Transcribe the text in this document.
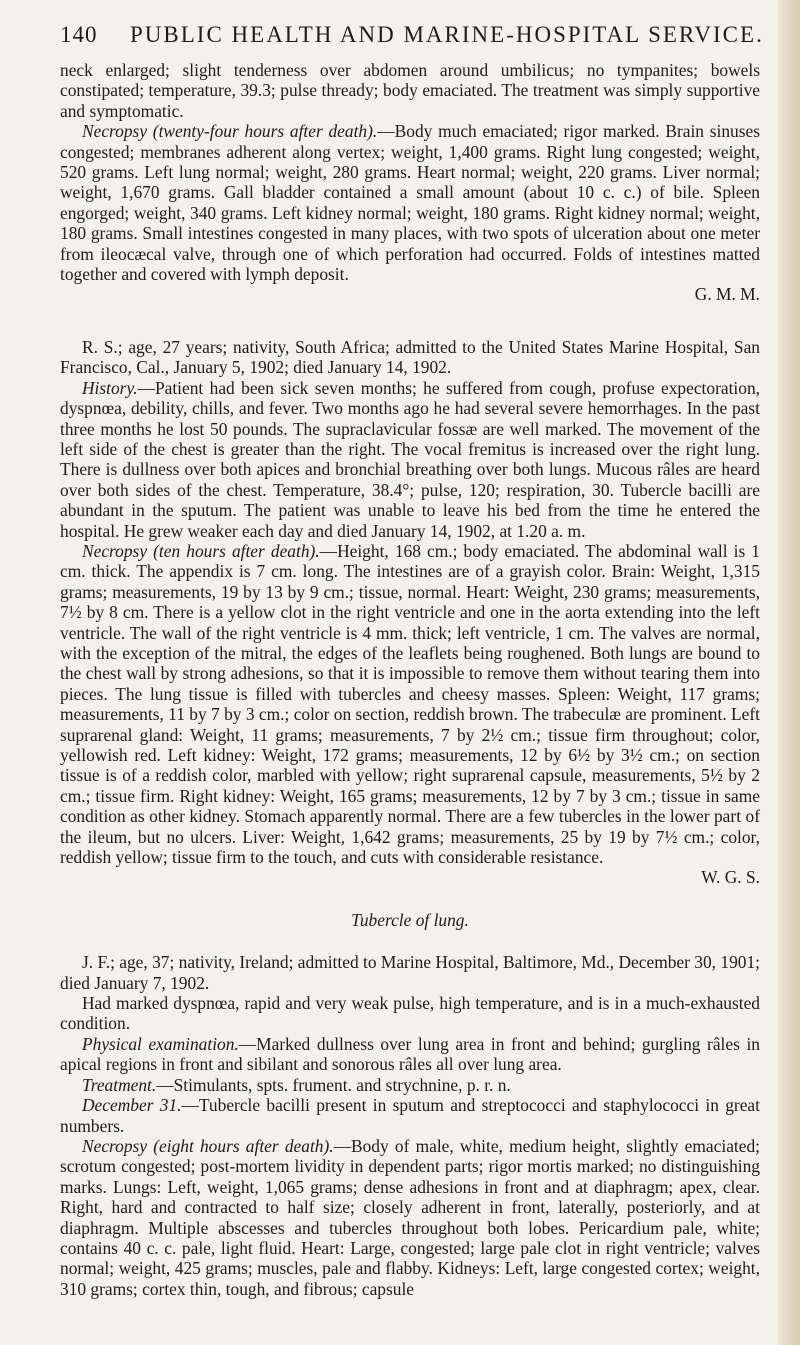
140 PUBLIC HEALTH AND MARINE-HOSPITAL SERVICE.

neck enlarged; slight tenderness over abdomen around umbilicus; no tympanites; bowels constipated; temperature, 39.3; pulse thready; body emaciated. The treatment was simply supportive and symptomatic.

Necropsy (twenty-four hours after death).—Body much emaciated; rigor marked. Brain sinuses congested; membranes adherent along vertex; weight, 1,400 grams. Right lung congested; weight, 520 grams. Left lung normal; weight, 280 grams. Heart normal; weight, 220 grams. Liver normal; weight, 1,670 grams. Gall bladder contained a small amount (about 10 c. c.) of bile. Spleen engorged; weight, 340 grams. Left kidney normal; weight, 180 grams. Right kidney normal; weight, 180 grams. Small intestines congested in many places, with two spots of ulceration about one meter from ileocæcal valve, through one of which perforation had occurred. Folds of intestines matted together and covered with lymph deposit.

G. M. M.

R. S.; age, 27 years; nativity, South Africa; admitted to the United States Marine Hospital, San Francisco, Cal., January 5, 1902; died January 14, 1902.

History.—Patient had been sick seven months; he suffered from cough, profuse expectoration, dyspnœa, debility, chills, and fever. Two months ago he had several severe hemorrhages. In the past three months he lost 50 pounds. The supraclavicular fossæ are well marked. The movement of the left side of the chest is greater than the right. The vocal fremitus is increased over the right lung. There is dullness over both apices and bronchial breathing over both lungs. Mucous râles are heard over both sides of the chest. Temperature, 38.4°; pulse, 120; respiration, 30. Tubercle bacilli are abundant in the sputum. The patient was unable to leave his bed from the time he entered the hospital. He grew weaker each day and died January 14, 1902, at 1.20 a. m.

Necropsy (ten hours after death).—Height, 168 cm.; body emaciated. The abdominal wall is 1 cm. thick. The appendix is 7 cm. long. The intestines are of a grayish color. Brain: Weight, 1,315 grams; measurements, 19 by 13 by 9 cm.; tissue, normal. Heart: Weight, 230 grams; measurements, 7½ by 8 cm. There is a yellow clot in the right ventricle and one in the aorta extending into the left ventricle. The wall of the right ventricle is 4 mm. thick; left ventricle, 1 cm. The valves are normal, with the exception of the mitral, the edges of the leaflets being roughened. Both lungs are bound to the chest wall by strong adhesions, so that it is impossible to remove them without tearing them into pieces. The lung tissue is filled with tubercles and cheesy masses. Spleen: Weight, 117 grams; measurements, 11 by 7 by 3 cm.; color on section, reddish brown. The trabeculæ are prominent. Left suprarenal gland: Weight, 11 grams; measurements, 7 by 2½ cm.; tissue firm throughout; color, yellowish red. Left kidney: Weight, 172 grams; measurements, 12 by 6½ by 3½ cm.; on section tissue is of a reddish color, marbled with yellow; right suprarenal capsule, measurements, 5½ by 2 cm.; tissue firm. Right kidney: Weight, 165 grams; measurements, 12 by 7 by 3 cm.; tissue in same condition as other kidney. Stomach apparently normal. There are a few tubercles in the lower part of the ileum, but no ulcers. Liver: Weight, 1,642 grams; measurements, 25 by 19 by 7½ cm.; color, reddish yellow; tissue firm to the touch, and cuts with considerable resistance.

W. G. S.

Tubercle of lung.

J. F.; age, 37; nativity, Ireland; admitted to Marine Hospital, Baltimore, Md., December 30, 1901; died January 7, 1902.

Had marked dyspnœa, rapid and very weak pulse, high temperature, and is in a much-exhausted condition.

Physical examination.—Marked dullness over lung area in front and behind; gurgling râles in apical regions in front and sibilant and sonorous râles all over lung area.

Treatment.—Stimulants, spts. frument. and strychnine, p. r. n.

December 31.—Tubercle bacilli present in sputum and streptococci and staphylococci in great numbers.

Necropsy (eight hours after death).—Body of male, white, medium height, slightly emaciated; scrotum congested; post-mortem lividity in dependent parts; rigor mortis marked; no distinguishing marks. Lungs: Left, weight, 1,065 grams; dense adhesions in front and at diaphragm; apex, clear. Right, hard and contracted to half size; closely adherent in front, laterally, posteriorly, and at diaphragm. Multiple abscesses and tubercles throughout both lobes. Pericardium pale, white; contains 40 c. c. pale, light fluid. Heart: Large, congested; large pale clot in right ventricle; valves normal; weight, 425 grams; muscles, pale and flabby. Kidneys: Left, large congested cortex; weight, 310 grams; cortex thin, tough, and fibrous; capsule
